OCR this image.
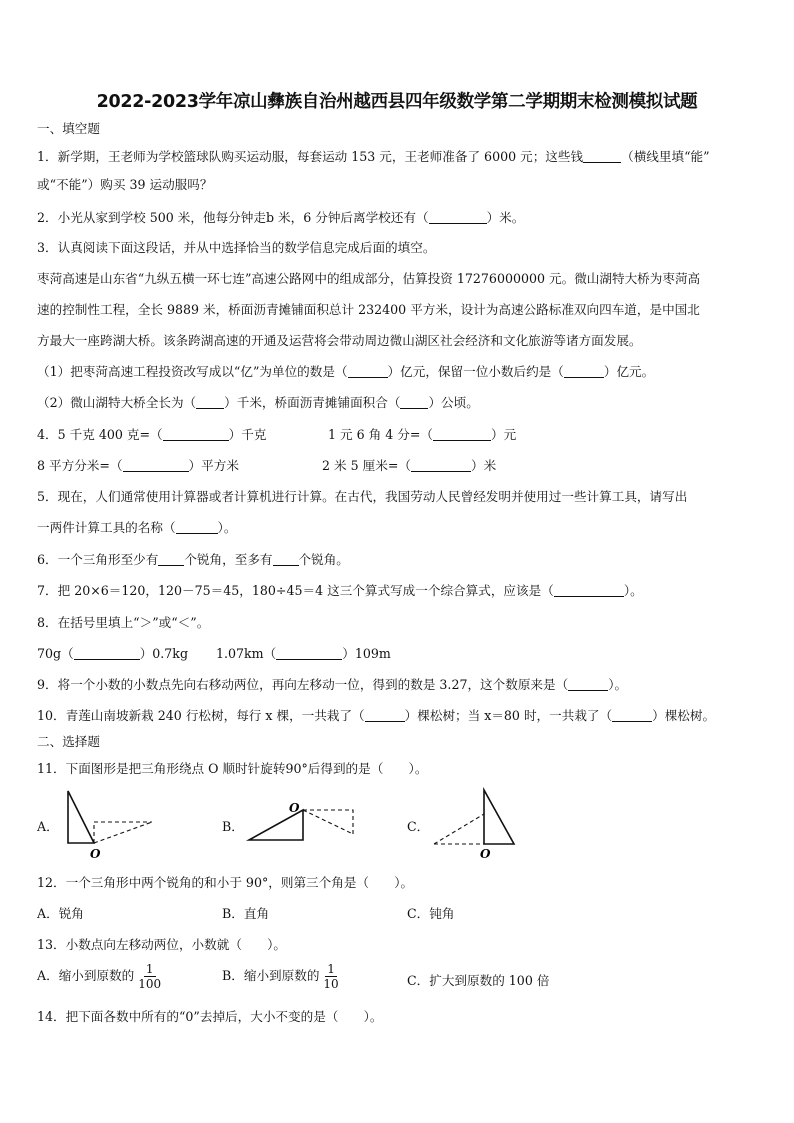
2022-2023学年凉山彝族自治州越西县四年级数学第二学期期末检测模拟试题
一、填空题
1．新学期，王老师为学校篮球队购买运动服，每套运动 153 元，王老师准备了 6000 元；这些钱	（横线里填“能”
或“不能”）购买 39 运动服吗？
2．小光从家到学校 500 米，他每分钟走b 米，6 分钟后离学校还有（	）米。
3．认真阅读下面这段话，并从中选择恰当的数学信息完成后面的填空。
枣菏高速是山东省“九纵五横一环七连”高速公路网中的组成部分，估算投资 17276000000 元。微山湖特大桥为枣菏高
速的控制性工程，全长 9889 米，桥面沥青摊铺面积总计 232400 平方米，设计为高速公路标准双向四车道，是中国北
方最大一座跨湖大桥。该条跨湖高速的开通及运营将会带动周边微山湖区社会经济和文化旅游等诸方面发展。
（1）把枣菏高速工程投资改写成以“亿”为单位的数是（	）亿元，保留一位小数后约是（	）亿元。
（2）微山湖特大桥全长为（ ）千米，桥面沥青摊铺面积合（ ）公顷。
4．5 千克 400 克=（	）千克	1 元 6 角 4 分=（	）元
8 平方分米=（	）平方米	2 米 5 厘米=（	）米
5．现在，人们通常使用计算器或者计算机进行计算。在古代，我国劳动人民曾经发明并使用过一些计算工具，请写出
一两件计算工具的名称（	）。
6．一个三角形至少有 个锐角，至多有 个锐角。
7．把 20×6＝120，120－75＝45，180÷45＝4 这三个算式写成一个综合算式，应该是（	）。
8．在括号里填上“＞”或“＜”。
70g（	）0.7kg 1.07km（	）109m
9．将一个小数的小数点先向右移动两位，再向左移动一位，得到的数是 3.27，这个数原来是（	）。
10．青莲山南坡新栽 240 行松树，每行 x 棵，一共栽了（	）棵松树；当 x＝80 时，一共栽了（	）棵松树。
二、选择题
11．下面图形是把三角形绕点 O 顺时针旋转90°后得到的是（　　）。
A．
O
B．
O
C．
O
12．一个三角形中两个锐角的和小于 90°，则第三个角是（　　）。
A．锐角	B．直角	C．钝角
13．小数点向左移动两位，小数就（　　）。
A．缩小到原数的 $\frac{1}{100}$	B．缩小到原数的 $\frac{1}{10}$	C．扩大到原数的 100 倍
14．把下面各数中所有的“0”去掉后，大小不变的是（　　）。
